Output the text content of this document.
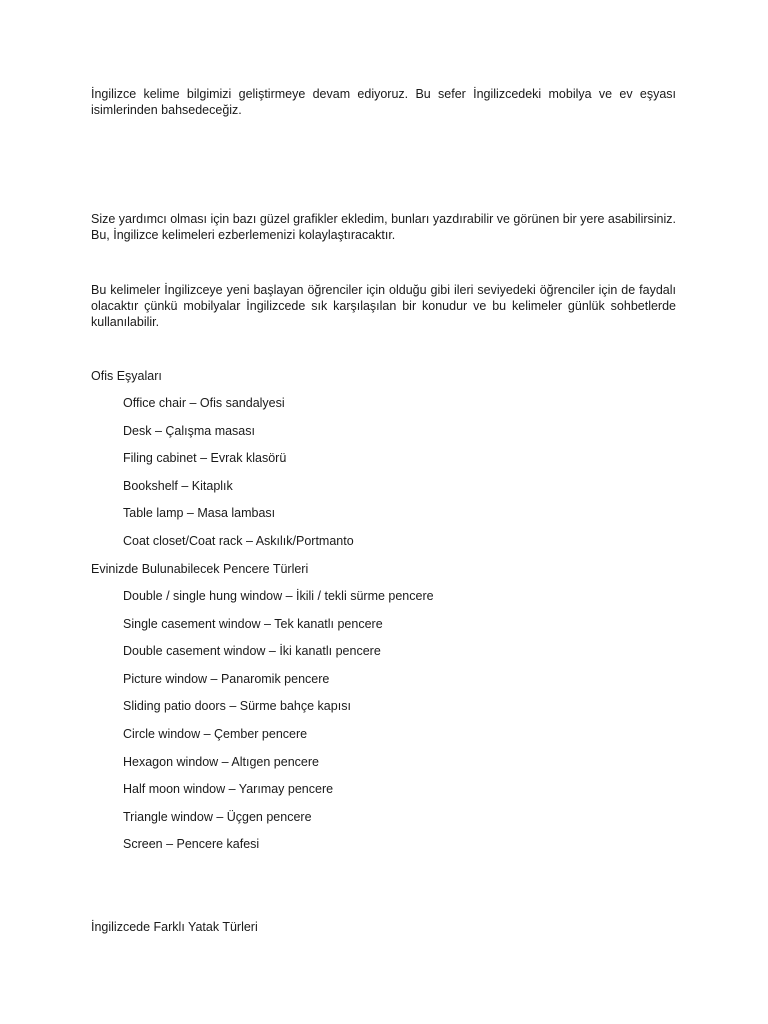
İngilizce kelime bilgimizi geliştirmeye devam ediyoruz. Bu sefer İngilizcedeki mobilya ve ev eşyası isimlerinden bahsedeceğiz.

Size yardımcı olması için bazı güzel grafikler ekledim, bunları yazdırabilir ve görünen bir yere asabilirsiniz. Bu, İngilizce kelimeleri ezberlemenizi kolaylaştıracaktır.

Bu kelimeler İngilizceye yeni başlayan öğrenciler için olduğu gibi ileri seviyedeki öğrenciler için de faydalı olacaktır çünkü mobilyalar İngilizcede sık karşılaşılan bir konudur ve bu kelimeler günlük sohbetlerde kullanılabilir.

Ofis Eşyaları

Office chair – Ofis sandalyesi
Desk – Çalışma masası
Filing cabinet – Evrak klasörü
Bookshelf – Kitaplık
Table lamp – Masa lambası
Coat closet/Coat rack – Askılık/Portmanto

Evinizde Bulunabilecek Pencere Türleri

Double / single hung window – İkili / tekli sürme pencere
Single casement window – Tek kanatlı pencere
Double casement window – İki kanatlı pencere
Picture window – Panaromik pencere
Sliding patio doors – Sürme bahçe kapısı
Circle window – Çember pencere
Hexagon window – Altıgen pencere
Half moon window – Yarımay pencere
Triangle window – Üçgen pencere
Screen – Pencere kafesi

İngilizcede Farklı Yatak Türleri
